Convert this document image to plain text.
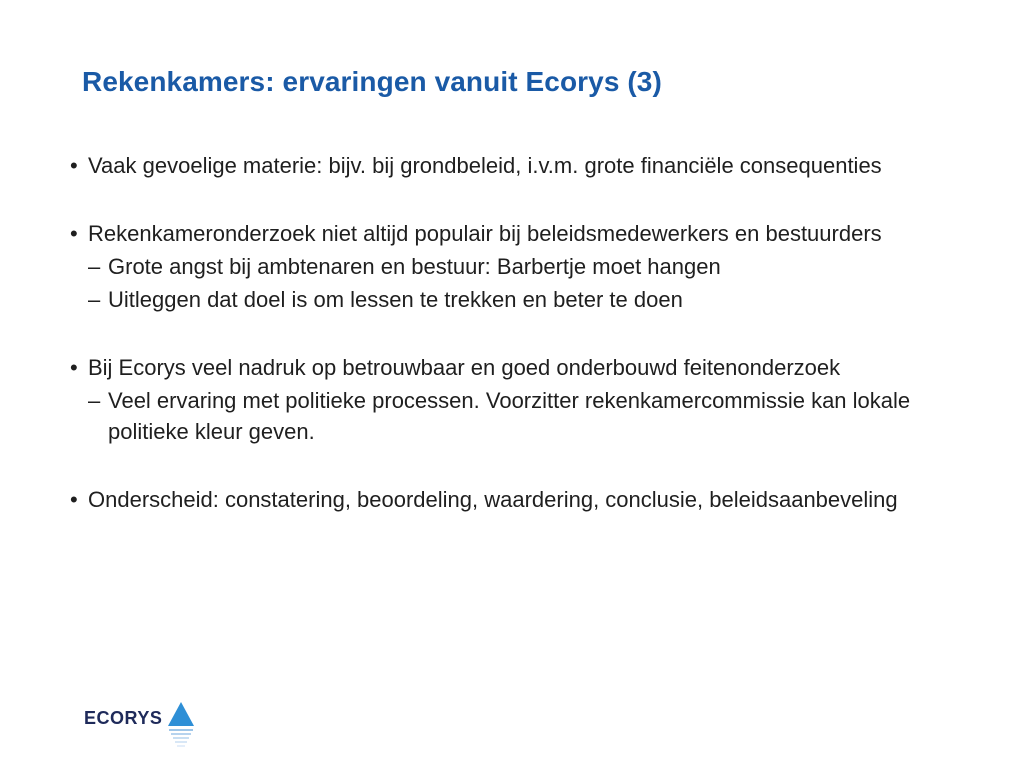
Rekenkamers: ervaringen vanuit Ecorys (3)
• Vaak gevoelige materie: bijv. bij grondbeleid, i.v.m. grote financiële consequenties
• Rekenkameronderzoek niet altijd populair bij beleidsmedewerkers en bestuurders
– Grote angst bij ambtenaren en bestuur: Barbertje moet hangen
– Uitleggen dat doel is om lessen te trekken en beter te doen
• Bij Ecorys veel nadruk op betrouwbaar en goed onderbouwd feitenonderzoek
– Veel ervaring met politieke processen. Voorzitter rekenkamercommissie kan lokale politieke kleur geven.
• Onderscheid: constatering, beoordeling, waardering, conclusie, beleidsaanbeveling
ECORYS
